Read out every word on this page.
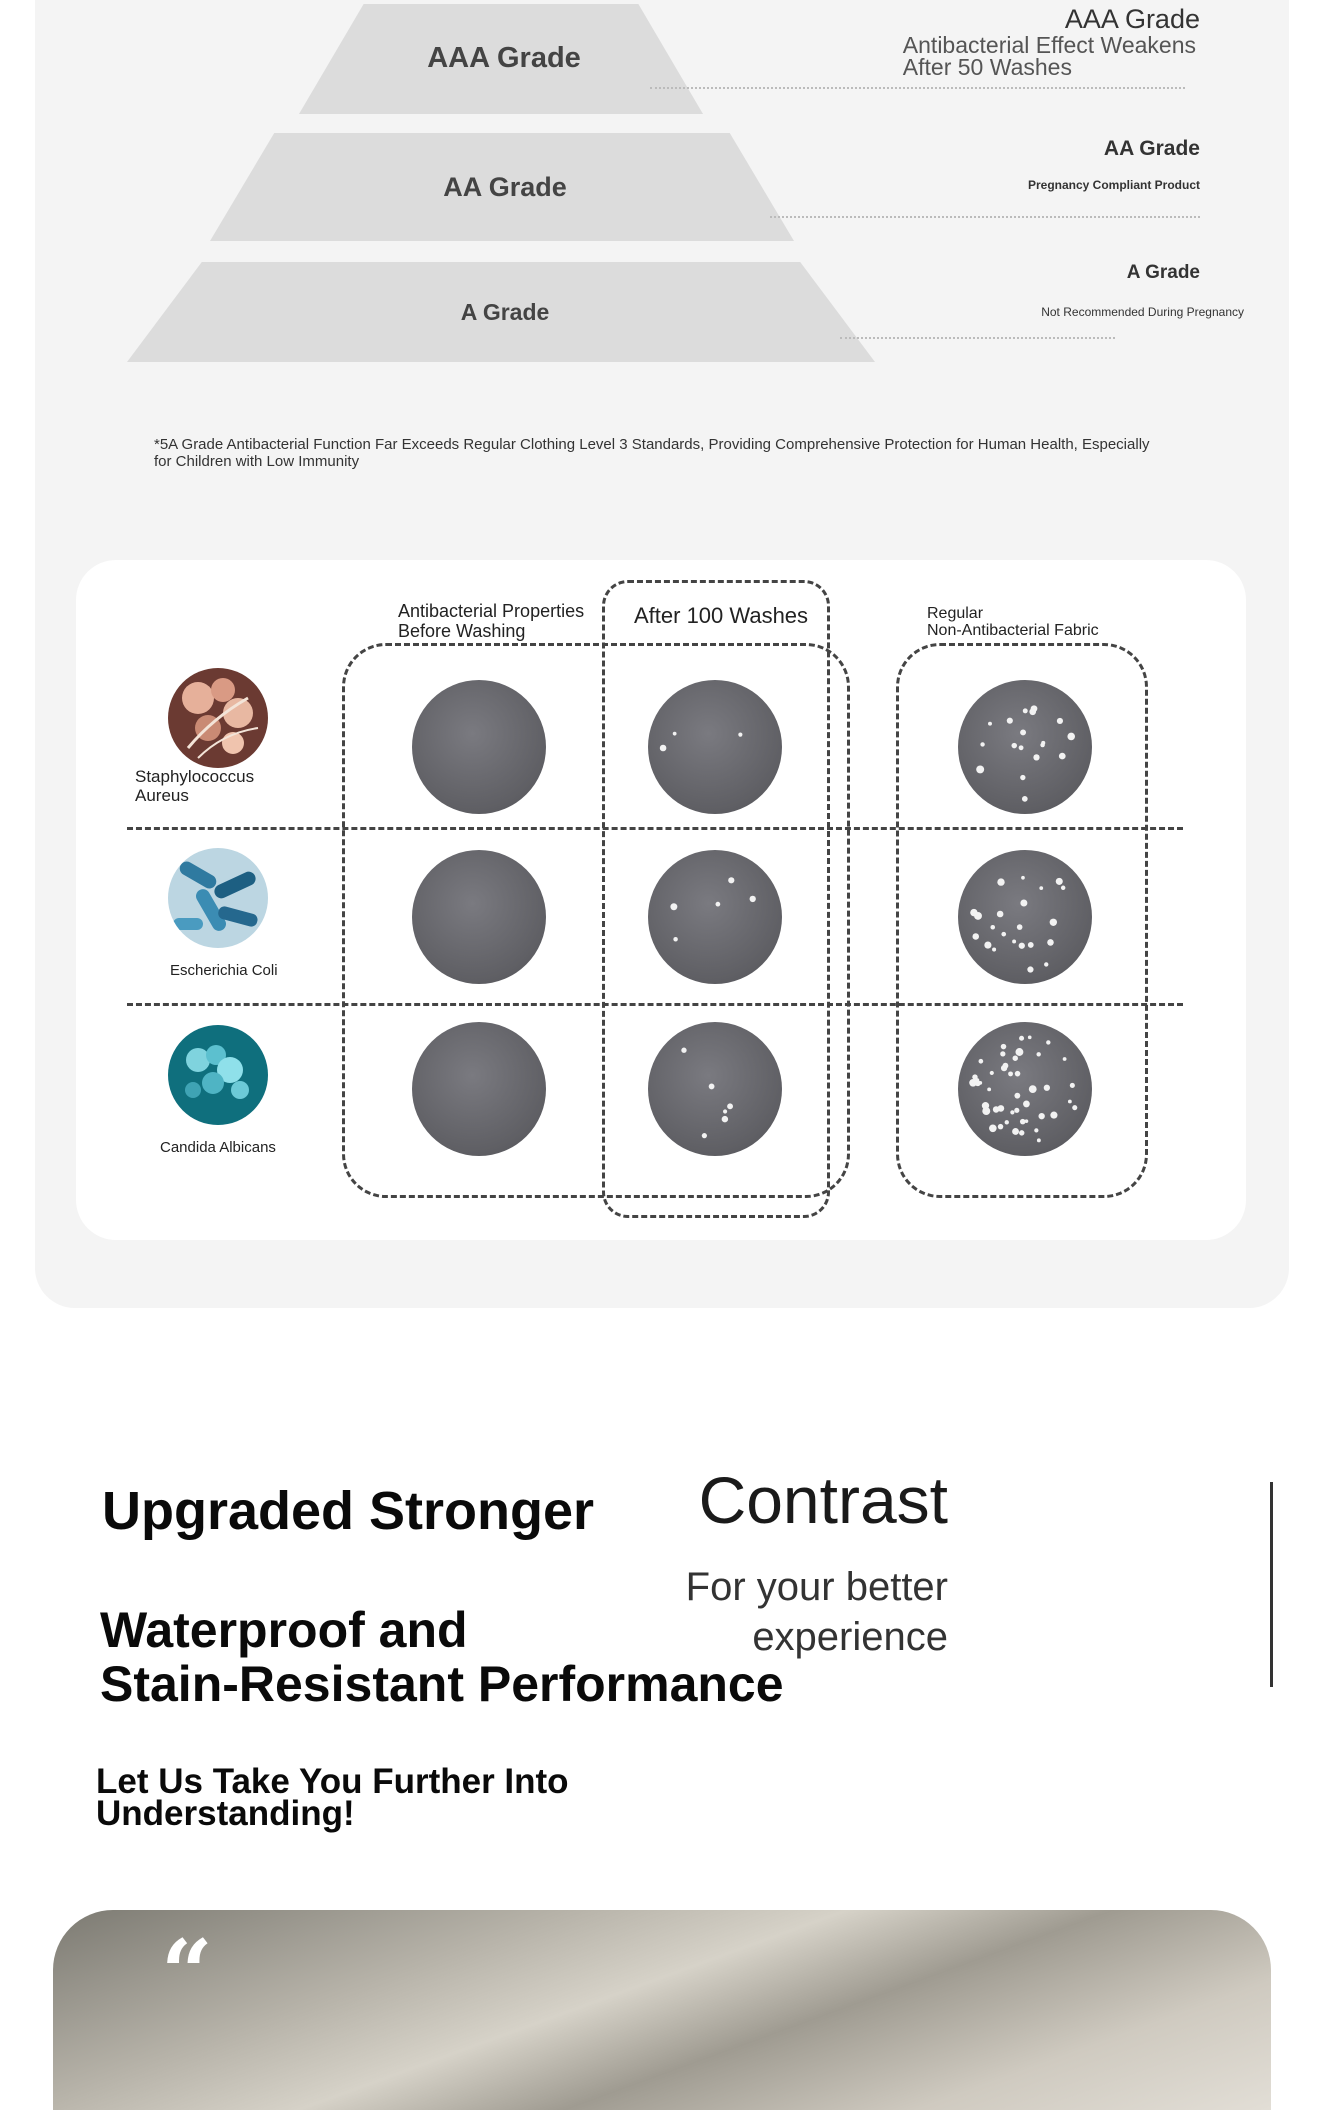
AAA Grade
AA Grade
A Grade
AAA Grade
Antibacterial Effect Weakens
After 50 Washes
AA Grade
Pregnancy Compliant Product
A Grade
Not Recommended During Pregnancy
*5A Grade Antibacterial Function Far Exceeds Regular Clothing Level 3 Standards, Providing Comprehensive Protection for Human Health, Especially for Children with Low Immunity
Antibacterial Properties
Before Washing
After 100 Washes	Regular
Non-Antibacterial Fabric
Staphylococcus
Aureus
Escherichia Coli
Candida Albicans
Upgraded Stronger
Waterproof and
Stain-Resistant Performance
Let Us Take You Further Into
Understanding!
Contrast
For your better
experience
“
